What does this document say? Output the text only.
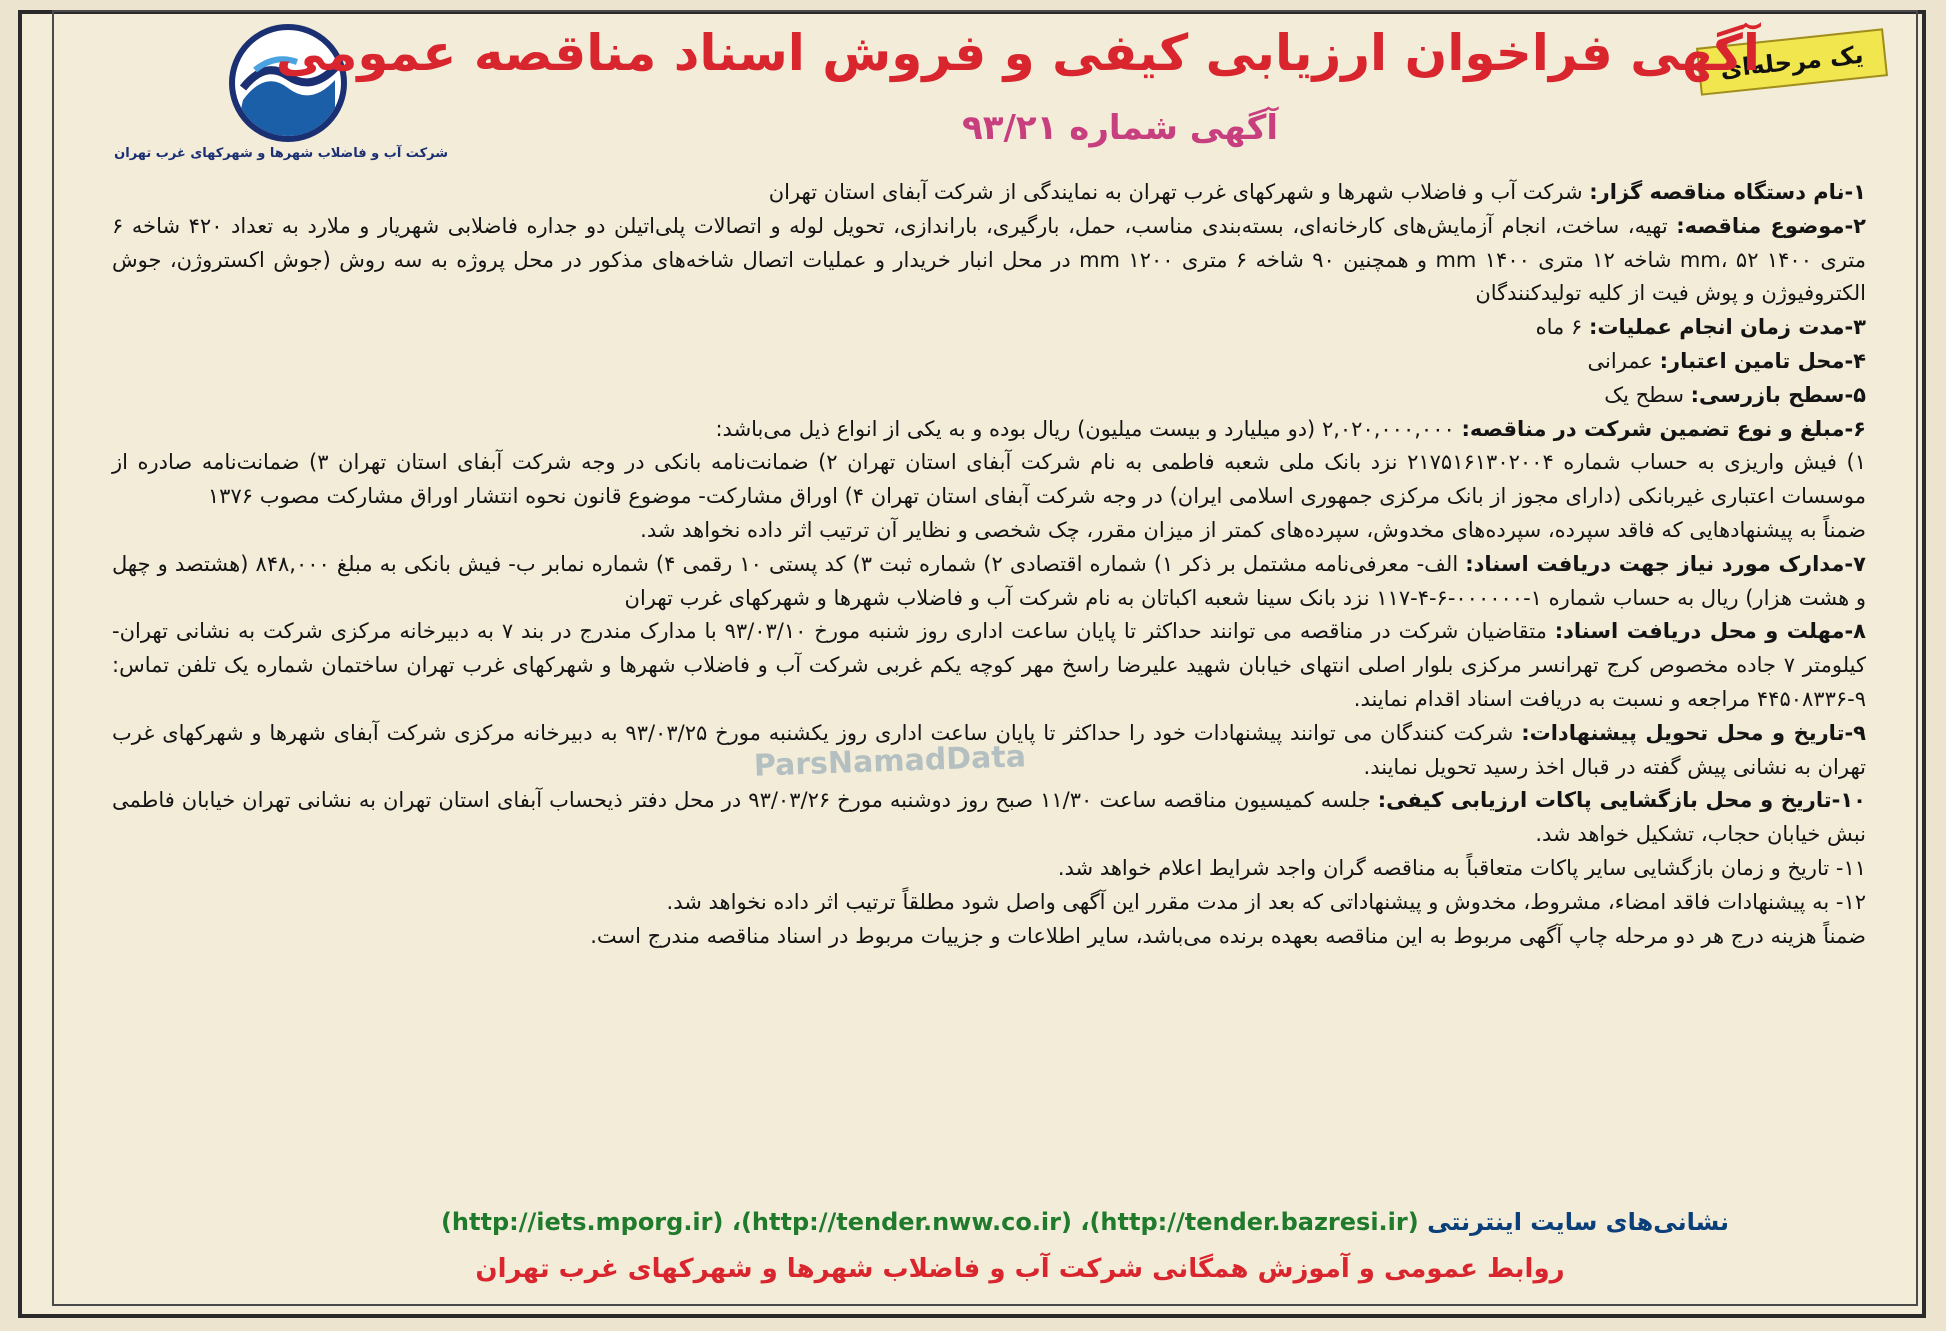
شرکت آب و فاضلاب شهرها و شهرکهای غرب تهران
یک مرحله‌ای
آگهی فراخوان ارزیابی کیفی و فروش اسناد مناقصه عمومی
آگهی شماره ۹۳/۲۱
ParsNamadData

۱-نام دستگاه مناقصه گزار: شرکت آب و فاضلاب شهرها و شهرکهای غرب تهران به نمایندگی از شرکت آبفای استان تهران

۲-موضوع مناقصه: تهیه، ساخت، انجام آزمایش‌های کارخانه‌ای، بسته‌بندی مناسب، حمل، بارگیری، باراندازی، تحویل لوله و اتصالات پلی‌اتیلن دو جداره فاضلابی شهریار و ملارد به تعداد ۴۲۰ شاخه ۶ متری ۱۴۰۰ mm، ۵۲ شاخه ۱۲ متری ۱۴۰۰ mm و همچنین ۹۰ شاخه ۶ متری ۱۲۰۰ mm در محل انبار خریدار و عملیات اتصال شاخه‌های مذکور در محل پروژه به سه روش (جوش اکستروژن، جوش الکتروفیوژن و پوش فیت از کلیه تولیدکنندگان

۳-مدت زمان انجام عملیات: ۶ ماه

۴-محل تامین اعتبار: عمرانی

۵-سطح بازرسی: سطح یک

۶-مبلغ و نوع تضمین شرکت در مناقصه: ۲,۰۲۰,۰۰۰,۰۰۰ (دو میلیارد و بیست میلیون) ریال بوده و به یکی از انواع ذیل می‌باشد:

۱) فیش واریزی به حساب شماره ۲۱۷۵۱۶۱۳۰۲۰۰۴ نزد بانک ملی شعبه فاطمی به نام شرکت آبفای استان تهران ۲) ضمانت‌نامه بانکی در وجه شرکت آبفای استان تهران ۳) ضمانت‌نامه صادره از موسسات اعتباری غیربانکی (دارای مجوز از بانک مرکزی جمهوری اسلامی ایران) در وجه شرکت آبفای استان تهران ۴) اوراق مشارکت- موضوع قانون نحوه انتشار اوراق مشارکت مصوب ۱۳۷۶

ضمناً به پیشنهادهایی که فاقد سپرده، سپرده‌های مخدوش، سپرده‌های کمتر از میزان مقرر، چک شخصی و نظایر آن ترتیب اثر داده نخواهد شد.

۷-مدارک مورد نیاز جهت دریافت اسناد: الف- معرفی‌نامه مشتمل بر ذکر ۱) شماره اقتصادی ۲) شماره ثبت ۳) کد پستی ۱۰ رقمی ۴) شماره نمابر ب- فیش بانکی به مبلغ ۸۴۸,۰۰۰ (هشتصد و چهل و هشت هزار) ریال به حساب شماره ۱-۰۰۰۰۰۰-۶-۴-۱۱۷ نزد بانک سینا شعبه اکباتان به نام شرکت آب و فاضلاب شهرها و شهرکهای غرب تهران

۸-مهلت و محل دریافت اسناد: متقاضیان شرکت در مناقصه می توانند حداکثر تا پایان ساعت اداری روز شنبه مورخ ۹۳/۰۳/۱۰ با مدارک مندرج در بند ۷ به دبیرخانه مرکزی شرکت به نشانی تهران- کیلومتر ۷ جاده مخصوص کرج تهرانسر مرکزی بلوار اصلی انتهای خیابان شهید علیرضا راسخ مهر کوچه یکم غربی شرکت آب و فاضلاب شهرها و شهرکهای غرب تهران ساختمان شماره یک تلفن تماس: ۹-۴۴۵۰۸۳۳۶ مراجعه و نسبت به دریافت اسناد اقدام نمایند.

۹-تاریخ و محل تحویل پیشنهادات: شرکت کنندگان می توانند پیشنهادات خود را حداکثر تا پایان ساعت اداری روز یکشنبه مورخ ۹۳/۰۳/۲۵ به دبیرخانه مرکزی شرکت آبفای شهرها و شهرکهای غرب تهران به نشانی پیش گفته در قبال اخذ رسید تحویل نمایند.

۱۰-تاریخ و محل بازگشایی پاکات ارزیابی کیفی: جلسه کمیسیون مناقصه ساعت ۱۱/۳۰ صبح روز دوشنبه مورخ ۹۳/۰۳/۲۶ در محل دفتر ذیحساب آبفای استان تهران به نشانی تهران خیابان فاطمی نبش خیابان حجاب، تشکیل خواهد شد.

۱۱- تاریخ و زمان بازگشایی سایر پاکات متعاقباً به مناقصه گران واجد شرایط اعلام خواهد شد.

۱۲- به پیشنهادات فاقد امضاء، مشروط، مخدوش و پیشنهاداتی که بعد از مدت مقرر این آگهی واصل شود مطلقاً ترتیب اثر داده نخواهد شد.

ضمناً هزینه درج هر دو مرحله چاپ آگهی مربوط به این مناقصه بعهده برنده می‌باشد، سایر اطلاعات و جزییات مربوط در اسناد مناقصه مندرج است.

نشانی‌های سایت اینترنتی (http://tender.bazresi.ir)، (http://tender.nww.co.ir)، (http://iets.mporg.ir)
روابط عمومی و آموزش همگانی شرکت آب و فاضلاب شهرها و شهرکهای غرب تهران
